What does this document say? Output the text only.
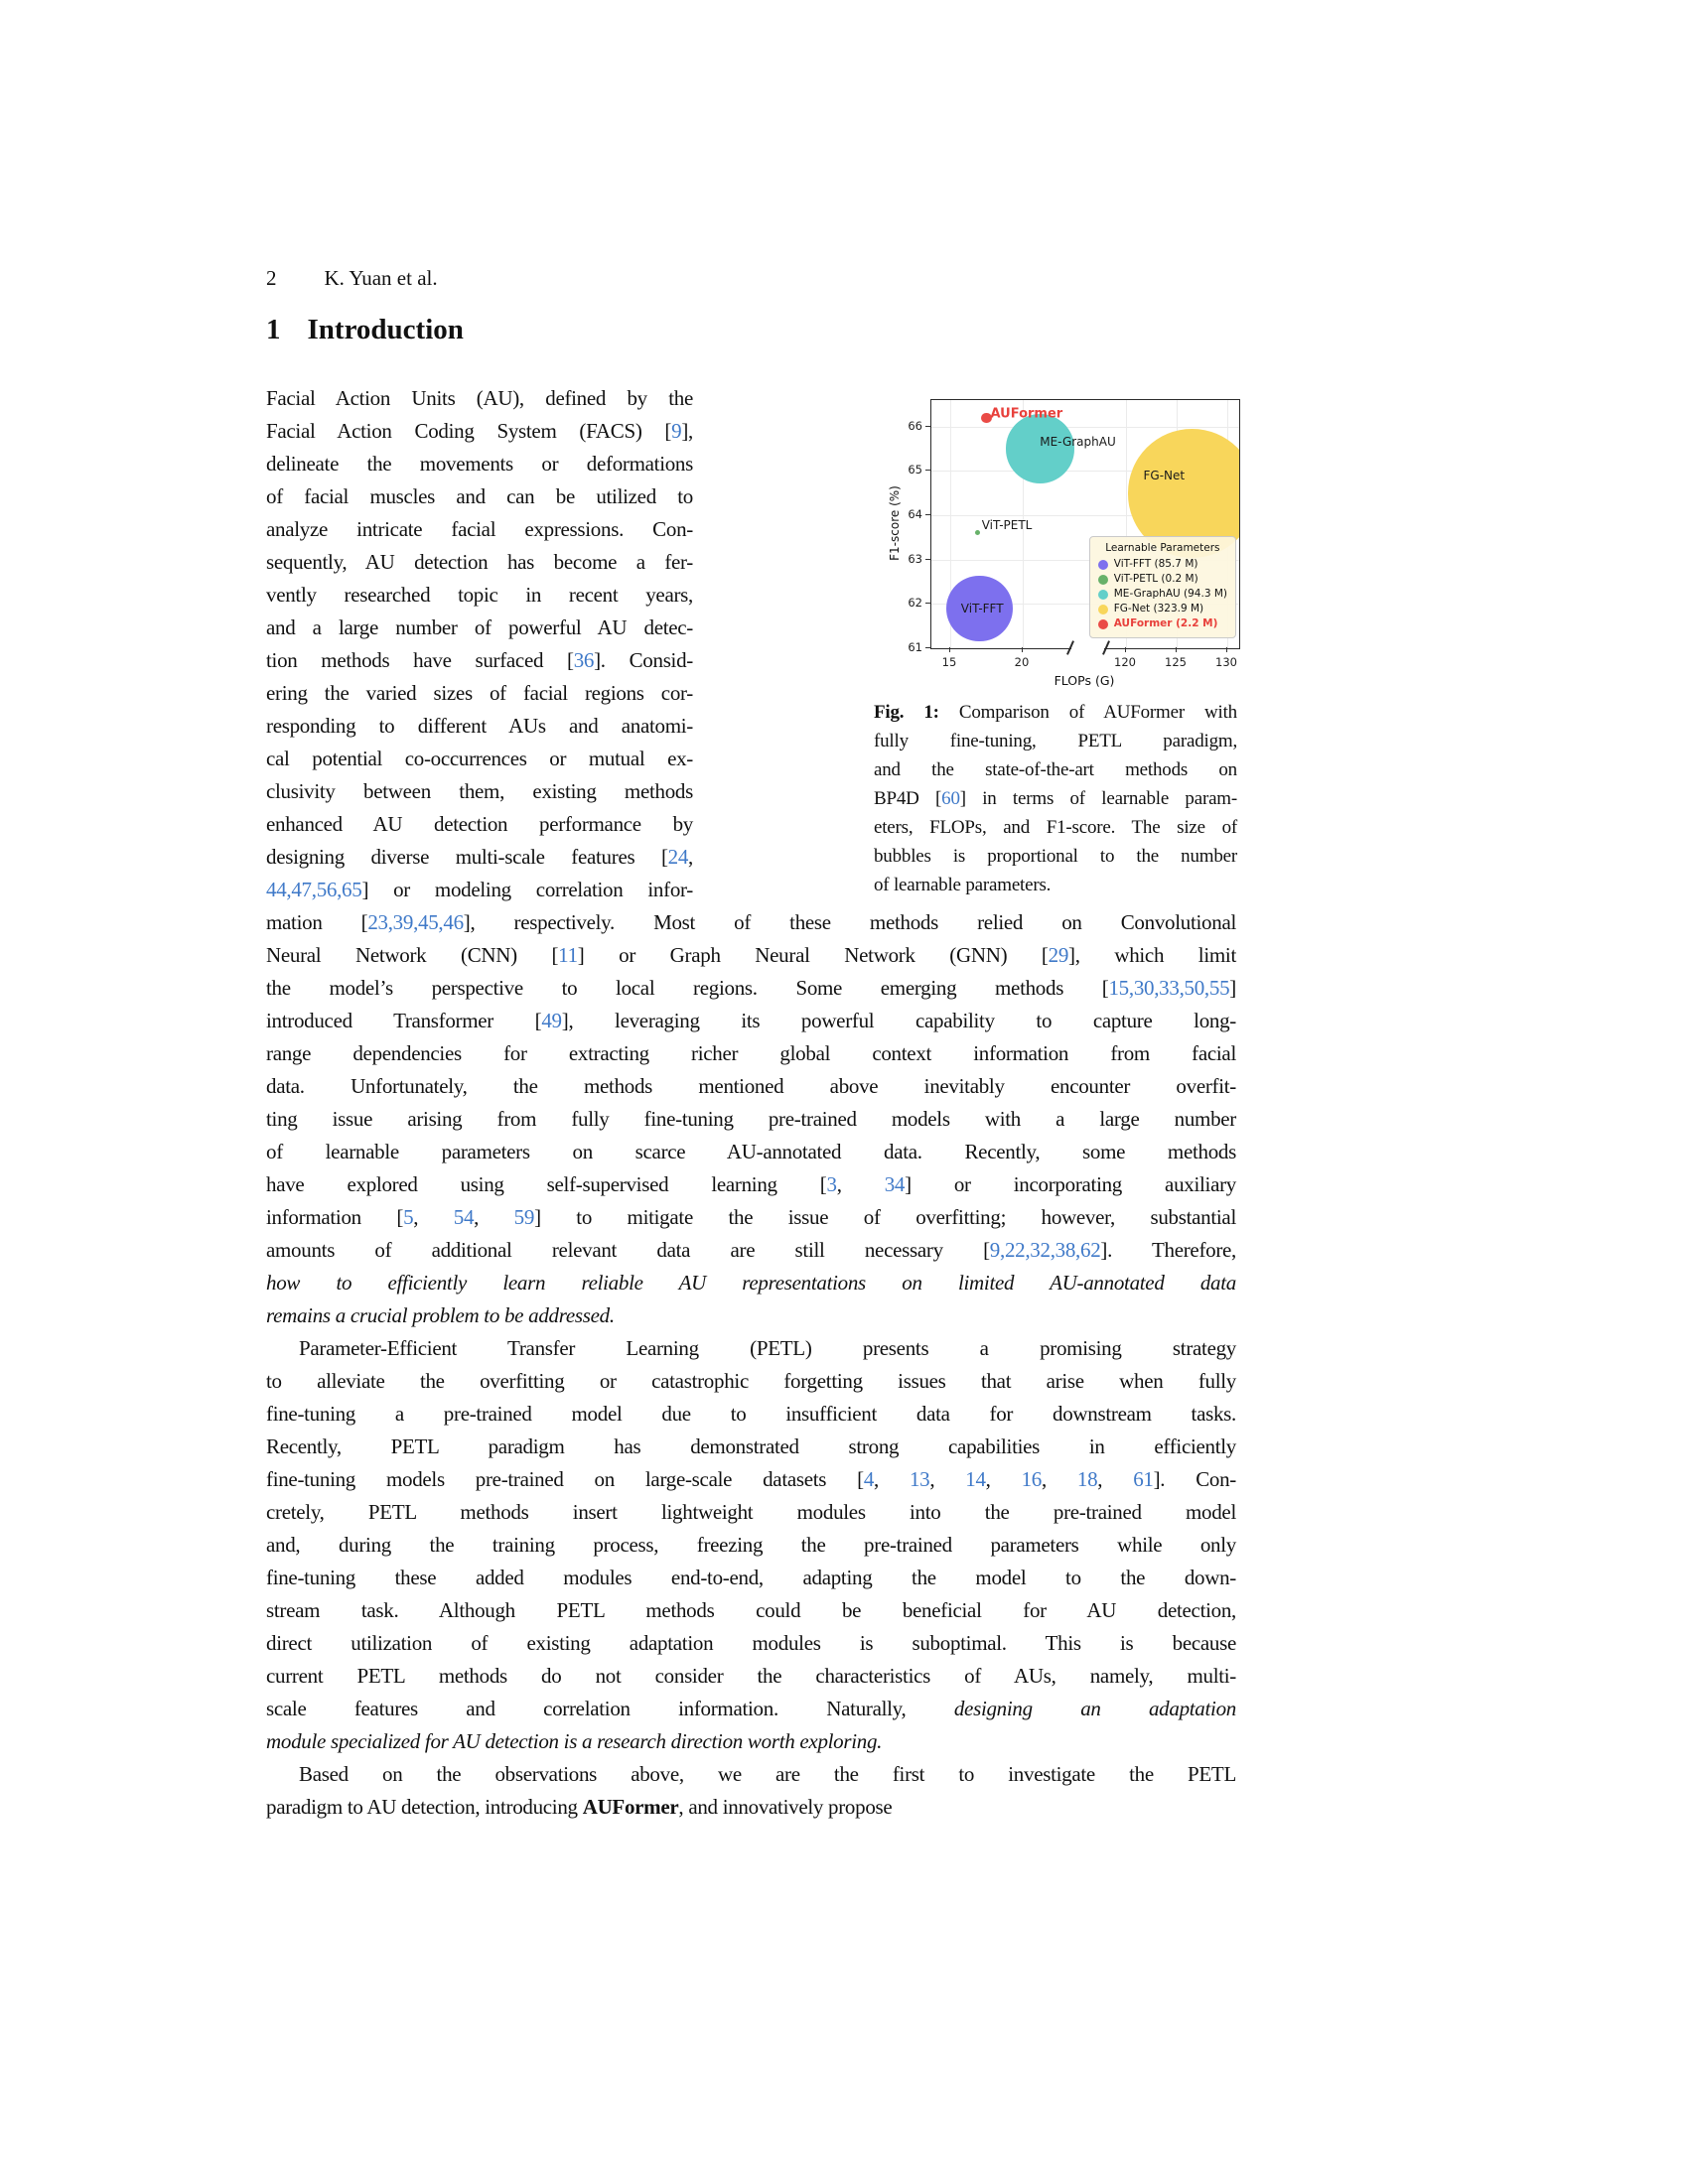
2 K. Yuan et al.
1 Introduction
Facial Action Units (AU), defined by the
Facial Action Coding System (FACS) [9],
delineate the movements or deformations
of facial muscles and can be utilized to
analyze intricate facial expressions. Con-
sequently, AU detection has become a fer-
vently researched topic in recent years,
and a large number of powerful AU detec-
tion methods have surfaced [36]. Consid-
ering the varied sizes of facial regions cor-
responding to different AUs and anatomi-
cal potential co-occurrences or mutual ex-
clusivity between them, existing methods
enhanced AU detection performance by
designing diverse multi-scale features [24,
44,47,56,65] or modeling correlation infor-
mation [23,39,45,46], respectively. Most of these methods relied on Convolutional
Neural Network (CNN) [11] or Graph Neural Network (GNN) [29], which limit
the model’s perspective to local regions. Some emerging methods [15,30,33,50,55]
introduced Transformer [49], leveraging its powerful capability to capture long-
range dependencies for extracting richer global context information from facial
data. Unfortunately, the methods mentioned above inevitably encounter overfit-
ting issue arising from fully fine-tuning pre-trained models with a large number
of learnable parameters on scarce AU-annotated data. Recently, some methods
have explored using self-supervised learning [3, 34] or incorporating auxiliary
information [5, 54, 59] to mitigate the issue of overfitting; however, substantial
amounts of additional relevant data are still necessary [9,22,32,38,62]. Therefore,
how to efficiently learn reliable AU representations on limited AU-annotated data
remains a crucial problem to be addressed.
Parameter-Efficient Transfer Learning (PETL) presents a promising strategy
to alleviate the overfitting or catastrophic forgetting issues that arise when fully
fine-tuning a pre-trained model due to insufficient data for downstream tasks.
Recently, PETL paradigm has demonstrated strong capabilities in efficiently
fine-tuning models pre-trained on large-scale datasets [4, 13, 14, 16, 18, 61]. Con-
cretely, PETL methods insert lightweight modules into the pre-trained model
and, during the training process, freezing the pre-trained parameters while only
fine-tuning these added modules end-to-end, adapting the model to the down-
stream task. Although PETL methods could be beneficial for AU detection,
direct utilization of existing adaptation modules is suboptimal. This is because
current PETL methods do not consider the characteristics of AUs, namely, multi-
scale features and correlation information. Naturally, designing an adaptation
module specialized for AU detection is a research direction worth exploring.
Based on the observations above, we are the first to investigate the PETL
paradigm to AU detection, introducing AUFormer, and innovatively propose
ViT-FFT
ViT-PETL
ME-GraphAU
FG-Net
AUFormer
Learnable Parameters
ViT-FFT (85.7 M)
ViT-PETL (0.2 M)
ME-GraphAU (94.3 M)
FG-Net (323.9 M)
AUFormer (2.2 M)
61
62
63
64
65
66
15	20	120	125	130
FLOPs (G)
F1-score (%)
Fig. 1: Comparison of AUFormer with
fully fine-tuning, PETL paradigm,
and the state-of-the-art methods on
BP4D [60] in terms of learnable param-
eters, FLOPs, and F1-score. The size of
bubbles is proportional to the number
of learnable parameters.
